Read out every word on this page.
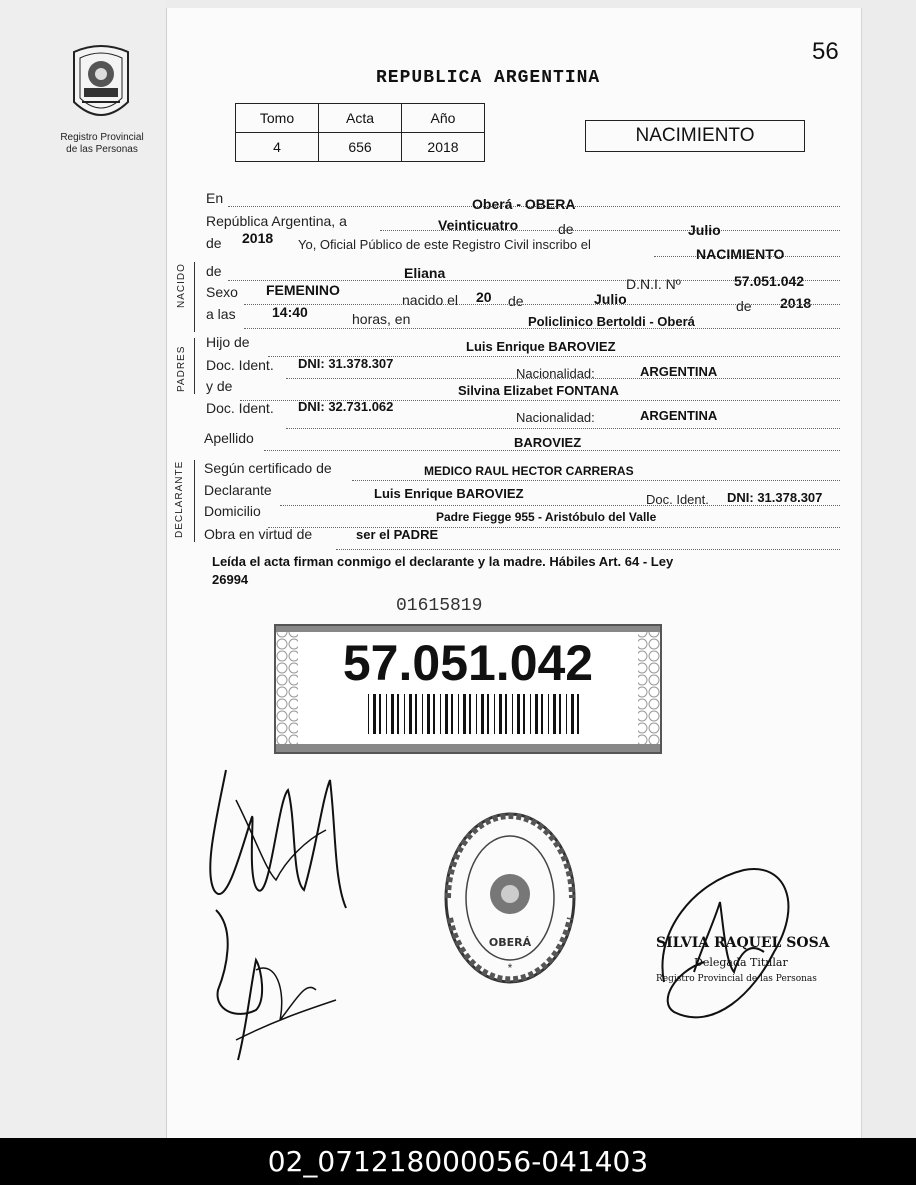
Registro Provincial de las Personas
56
REPUBLICA ARGENTINA
Tomo	Acta	Año
4	656	2018
NACIMIENTO
NACIDO
PADRES
DECLARANTE
En	Oberá - OBERA
República Argentina, a	Veinticuatro	de	Julio
de 2018 Yo, Oficial Público de este Registro Civil inscribo el
NACIMIENTO
de	Eliana
D.N.I. Nº	57.051.042
Sexo FEMENINO
nacido el 20 de	Julio	de 2018
a las	14:40	horas, en	Policlinico Bertoldi - Oberá
Hijo de	Luis Enrique BAROVIEZ
Doc. Ident. DNI: 31.378.307
Nacionalidad:	ARGENTINA
y de	Silvina Elizabet FONTANA
Doc. Ident. DNI: 32.731.062
Nacionalidad:	ARGENTINA
Apellido	BAROVIEZ
Según certificado de	MEDICO RAUL HECTOR CARRERAS
Declarante	Luis Enrique BAROVIEZ	Doc. Ident. DNI: 31.378.307
Domicilio	Padre Fiegge 955 - Aristóbulo del Valle
Obra en virtud de	ser el PADRE
Leída el acta firman conmigo el declarante y la madre. Hábiles Art. 64 - Ley
26994
01615819
57.051.042
OBERÁ
*
SILVIA RAQUEL SOSA
Delegada Titular
Registro Provincial de las Personas
02_071218000056-041403
